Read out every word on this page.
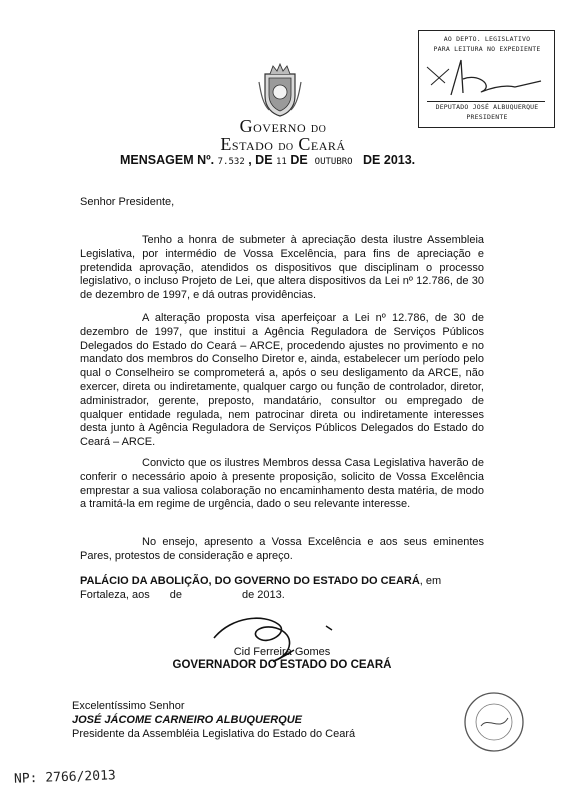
AO DEPTO. LEGISLATIVO
PARA LEITURA NO EXPEDIENTE
DEPUTADO JOSÉ ALBUQUERQUE
PRESIDENTE
GOVERNO DO
ESTADO DO CEARÁ
MENSAGEM Nº. 7.532 , DE 11 DE OUTUBRO DE 2013.
Senhor Presidente,
Tenho a honra de submeter à apreciação desta ilustre Assembleia Legislativa, por intermédio de Vossa Excelência, para fins de apreciação e pretendida aprovação, atendidos os dispositivos que disciplinam o processo legislativo, o incluso Projeto de Lei, que altera dispositivos da Lei nº 12.786, de 30 de dezembro de 1997, e dá outras providências.
A alteração proposta visa aperfeiçoar a Lei nº 12.786, de 30 de dezembro de 1997, que institui a Agência Reguladora de Serviços Públicos Delegados do Estado do Ceará – ARCE, procedendo ajustes no provimento e no mandato dos membros do Conselho Diretor e, ainda, estabelecer um período pelo qual o Conselheiro se comprometerá a, após o seu desligamento da ARCE, não exercer, direta ou indiretamente, qualquer cargo ou função de controlador, diretor, administrador, gerente, preposto, mandatário, consultor ou empregado de qualquer entidade regulada, nem patrocinar direta ou indiretamente interesses desta junto à Agência Reguladora de Serviços Públicos Delegados do Estado do Ceará – ARCE.
Convicto que os ilustres Membros dessa Casa Legislativa haverão de conferir o necessário apoio à presente proposição, solicito de Vossa Excelência emprestar a sua valiosa colaboração no encaminhamento desta matéria, de modo a tramitá-la em regime de urgência, dado o seu relevante interesse.
No ensejo, apresento a Vossa Excelência e aos seus eminentes Pares, protestos de consideração e apreço.
PALÁCIO DA ABOLIÇÃO, DO GOVERNO DO ESTADO DO CEARÁ, em
Fortaleza, aos de	de 2013.
Cid Ferreira Gomes
GOVERNADOR DO ESTADO DO CEARÁ
Excelentíssimo Senhor
JOSÉ JÁCOME CARNEIRO ALBUQUERQUE
Presidente da Assembléia Legislativa do Estado do Ceará
NP: 2766/2013
